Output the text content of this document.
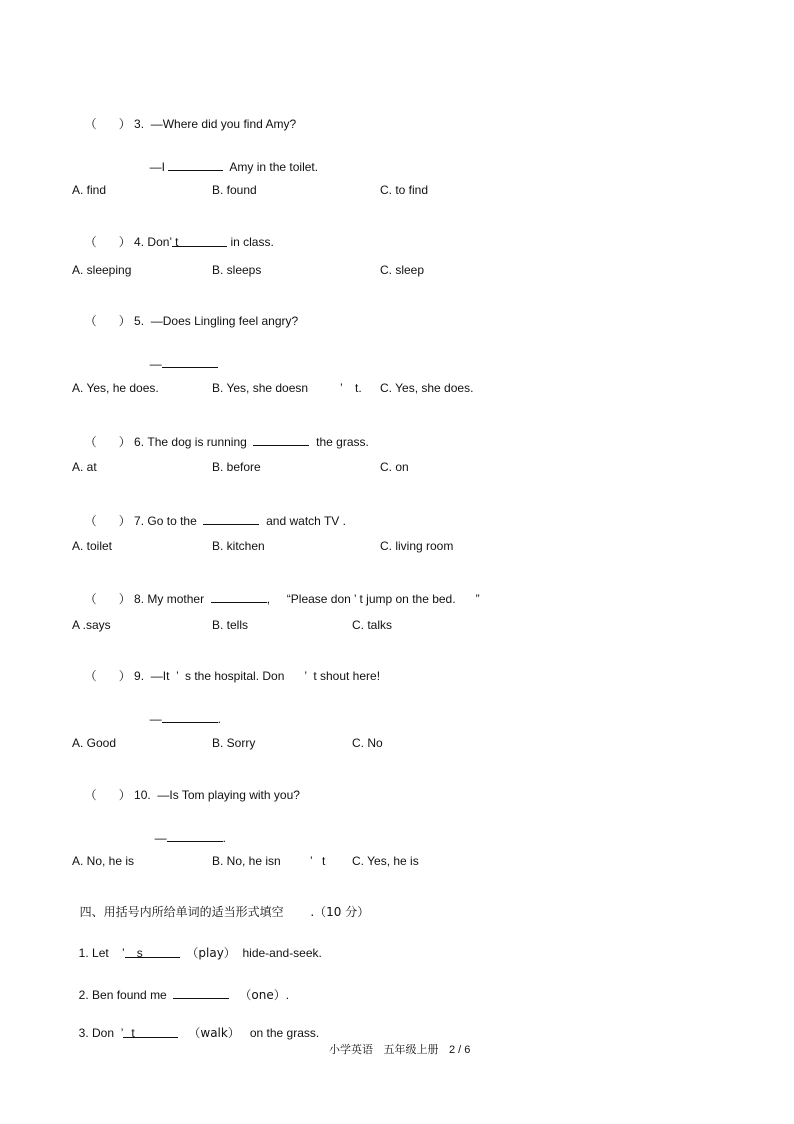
（ ） 3. —Where did you find Amy?

—I	Amy in the toilet.

A. find	B. found	C. to find

（ ） 4. Don’ t	in class.

A. sleeping	B. sleeps	C. sleep

（ ） 5. —Does Lingling feel angry?

—

A. Yes, he does.	B. Yes, she doesn	’ t. C. Yes, she does.

（ ） 6. The dog is running	the grass.

A. at	B. before	C. on

（ ） 7. Go to the	and watch TV .

A. toilet	B. kitchen	C. living room

（ ） 8. My mother	, “Please don ’ t jump on the bed. ”

A .says	B. tells	C. talks

（ ） 9. —It ’ s the hospital. Don ’ t shout here!

—	.

A. Good	B. Sorry	C. No

（ ） 10. —Is Tom playing with you?

—	.

A. No, he is	B. No, he isn ’ t C. Yes, he is

四、用括号内所给单词的适当形式填空 .（10 分）

1. Let ’ s	（play） hide-and-seek.

2. Ben found me	（one）.

3. Don ’ t	（walk） on the grass.

小学英语 五年级上册 2 / 6
